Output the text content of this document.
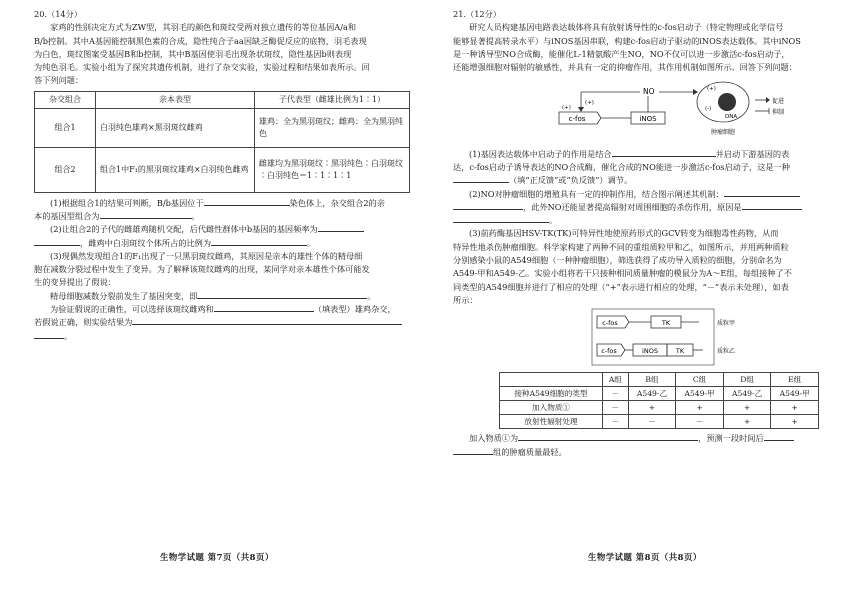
20.（14分）

家鸡的性别决定方式为ZW型，其羽毛的颜色和斑纹受两对独立遗传的等位基因A/a和

B/b控制。其中A基因能控制黑色素的合成，隐性纯合子aa因缺乏酶促反应的底物，羽毛表现

为白色，斑纹图案受基因B和b控制，其中B基因使羽毛出现条状斑纹，隐性基因b则表现

为纯色羽毛。实验小组为了探究其遗传机制，进行了杂交实验，实验过程和结果如表所示。回

答下列问题：

杂交组合	亲本表型	子代表型（雌雄比例为1∶1）
组合1	白羽纯色雄鸡×黑羽斑纹雌鸡	雄鸡：全为黑羽斑纹；雌鸡：全为黑羽纯色
组合2	组合1中F₁的黑羽斑纹雄鸡×白羽纯色雌鸡	雌雄均为黑羽斑纹∶黑羽纯色∶白羽斑纹∶白羽纯色＝1∶1∶1∶1

(1)根据组合1的结果可判断，B/b基因位于	染色体上，杂交组合2的亲

本的基因型组合为	。

(2)让组合2的子代的雌雄鸡随机交配，后代雌性群体中b基因的基因频率为

，雌鸡中白羽斑纹个体所占的比例为	。

(3)现偶然发现组合1的F₁出现了一只黑羽斑纹雌鸡，其原因是亲本的雄性个体的精母细

胞在减数分裂过程中发生了变异。为了解释该斑纹雌鸡的出现，某同学对亲本雄性个体可能发

生的变异提出了假说：

精母细胞减数分裂前发生了基因突变，即	。

为验证假说的正确性，可以选择该斑纹雌鸡和	（填表型）雄鸡杂交，

若假说正确，则实验结果为

。

生物学试题 第7页（共8页）

21.（12分）

研究人员构建基因电路表达载体将具有放射诱导性的c-fos启动子（特定物理或化学信号

能够显著提高转录水平）与iNOS基因串联，构建c-fos启动子驱动的iNOS表达载体。其中iNOS

是一种诱导型NO合成酶，能催化L-1精氨酸产生NO，NO不仅可以进一步激活c-fos启动子，

还能增强细胞对辐射的敏感性，并具有一定的抑瘤作用，其作用机制如图所示。回答下列问题：

c-fos	iNOS
NO
(+)
(+)
(+)
(-)
DNA
肿瘤细胞
促进
抑制

(1)基因表达载体中启动子的作用是结合	并启动下游基因的表

达，c-fos启动子诱导表达的NO合成酶，催化合成的NO能进一步激活c-fos启动子，这是一种

（填“正反馈”或“负反馈”）调节。

(2)NO对肿瘤细胞的增殖具有一定的抑制作用，结合图示阐述其机制：

，此外NO还能显著提高辐射对周围细胞的杀伤作用，原因是

。

(3)前药酶基因HSV-TK(TK)可特异性地使原药形式的GCV转变为细胞毒性药物，从而

特异性地杀伤肿瘤细胞。科学家构建了两种不同的重组质粒甲和乙，如图所示，并用两种质粒

分别感染小鼠的A549细胞（一种肿瘤细胞），筛选获得了成功导入质粒的细胞，分别命名为

A549-甲和A549-乙。实验小组将若干只接种相同质量肿瘤的模鼠分为A～E组，每组接种了不

同类型的A549细胞并进行了相应的处理（“+”表示进行相应的处理，“－”表示未处理），如表

所示：

c-fos	TK	质粒甲
c-fos	iNOS	TK	质粒乙
	A组	B组	C组	D组	E组
接种A549细胞的类型	－	A549-乙	A549-甲	A549-乙	A549-甲
加入物质①	－	+	+	+	+
放射性辐射处理	－	－	－	+	+

加入物质①为	，预测一段时间后

组的肿瘤质量最轻。

生物学试题 第8页（共8页）
